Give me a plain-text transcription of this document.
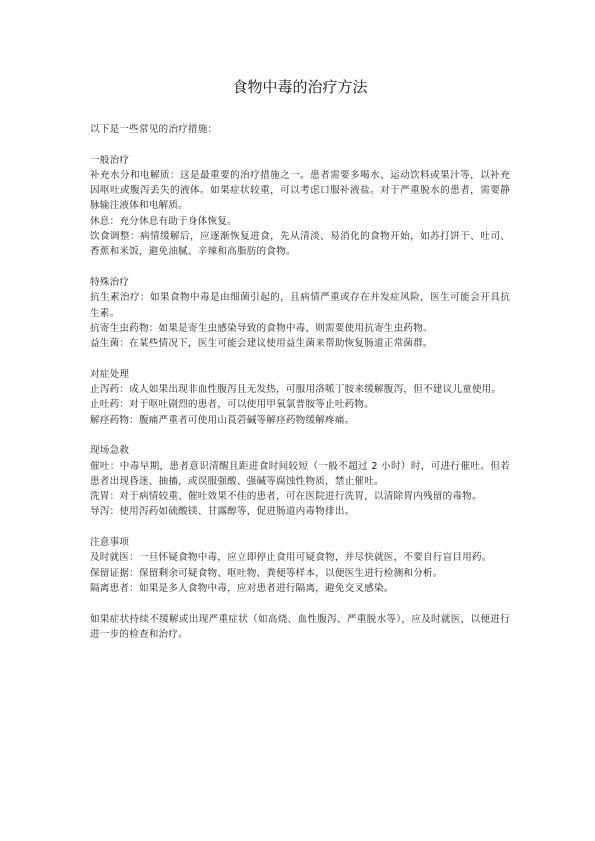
食物中毒的治疗方法

以下是一些常见的治疗措施：

一般治疗

补充水分和电解质：这是最重要的治疗措施之一。患者需要多喝水、运动饮料或果汁等，以补充因呕吐或腹泻丢失的液体。如果症状较重，可以考虑口服补液盐。对于严重脱水的患者，需要静脉输注液体和电解质。

休息：充分休息有助于身体恢复。

饮食调整：病情缓解后，应逐渐恢复进食，先从清淡、易消化的食物开始，如苏打饼干、吐司、香蕉和米饭，避免油腻、辛辣和高脂肪的食物。

特殊治疗

抗生素治疗：如果食物中毒是由细菌引起的，且病情严重或存在并发症风险，医生可能会开具抗生素。

抗寄生虫药物：如果是寄生虫感染导致的食物中毒，则需要使用抗寄生虫药物。

益生菌：在某些情况下，医生可能会建议使用益生菌来帮助恢复肠道正常菌群。

对症处理

止泻药：成人如果出现非血性腹泻且无发热，可服用洛哌丁胺来缓解腹泻，但不建议儿童使用。

止吐药：对于呕吐剧烈的患者，可以使用甲氧氯普胺等止吐药物。

解痉药物：腹痛严重者可使用山莨菪碱等解痉药物缓解疼痛。

现场急救

催吐：中毒早期，患者意识清醒且距进食时间较短（一般不超过 2 小时）时，可进行催吐。但若患者出现昏迷、抽搐，或误服强酸、强碱等腐蚀性物质，禁止催吐。

洗胃：对于病情较重、催吐效果不佳的患者，可在医院进行洗胃，以清除胃内残留的毒物。

导泻：使用泻药如硫酸镁、甘露醇等，促进肠道内毒物排出。

注意事项

及时就医：一旦怀疑食物中毒，应立即停止食用可疑食物，并尽快就医，不要自行盲目用药。

保留证据：保留剩余可疑食物、呕吐物、粪便等样本，以便医生进行检测和分析。

隔离患者：如果是多人食物中毒，应对患者进行隔离，避免交叉感染。

如果症状持续不缓解或出现严重症状（如高烧、血性腹泻、严重脱水等），应及时就医，以便进行进一步的检查和治疗。
